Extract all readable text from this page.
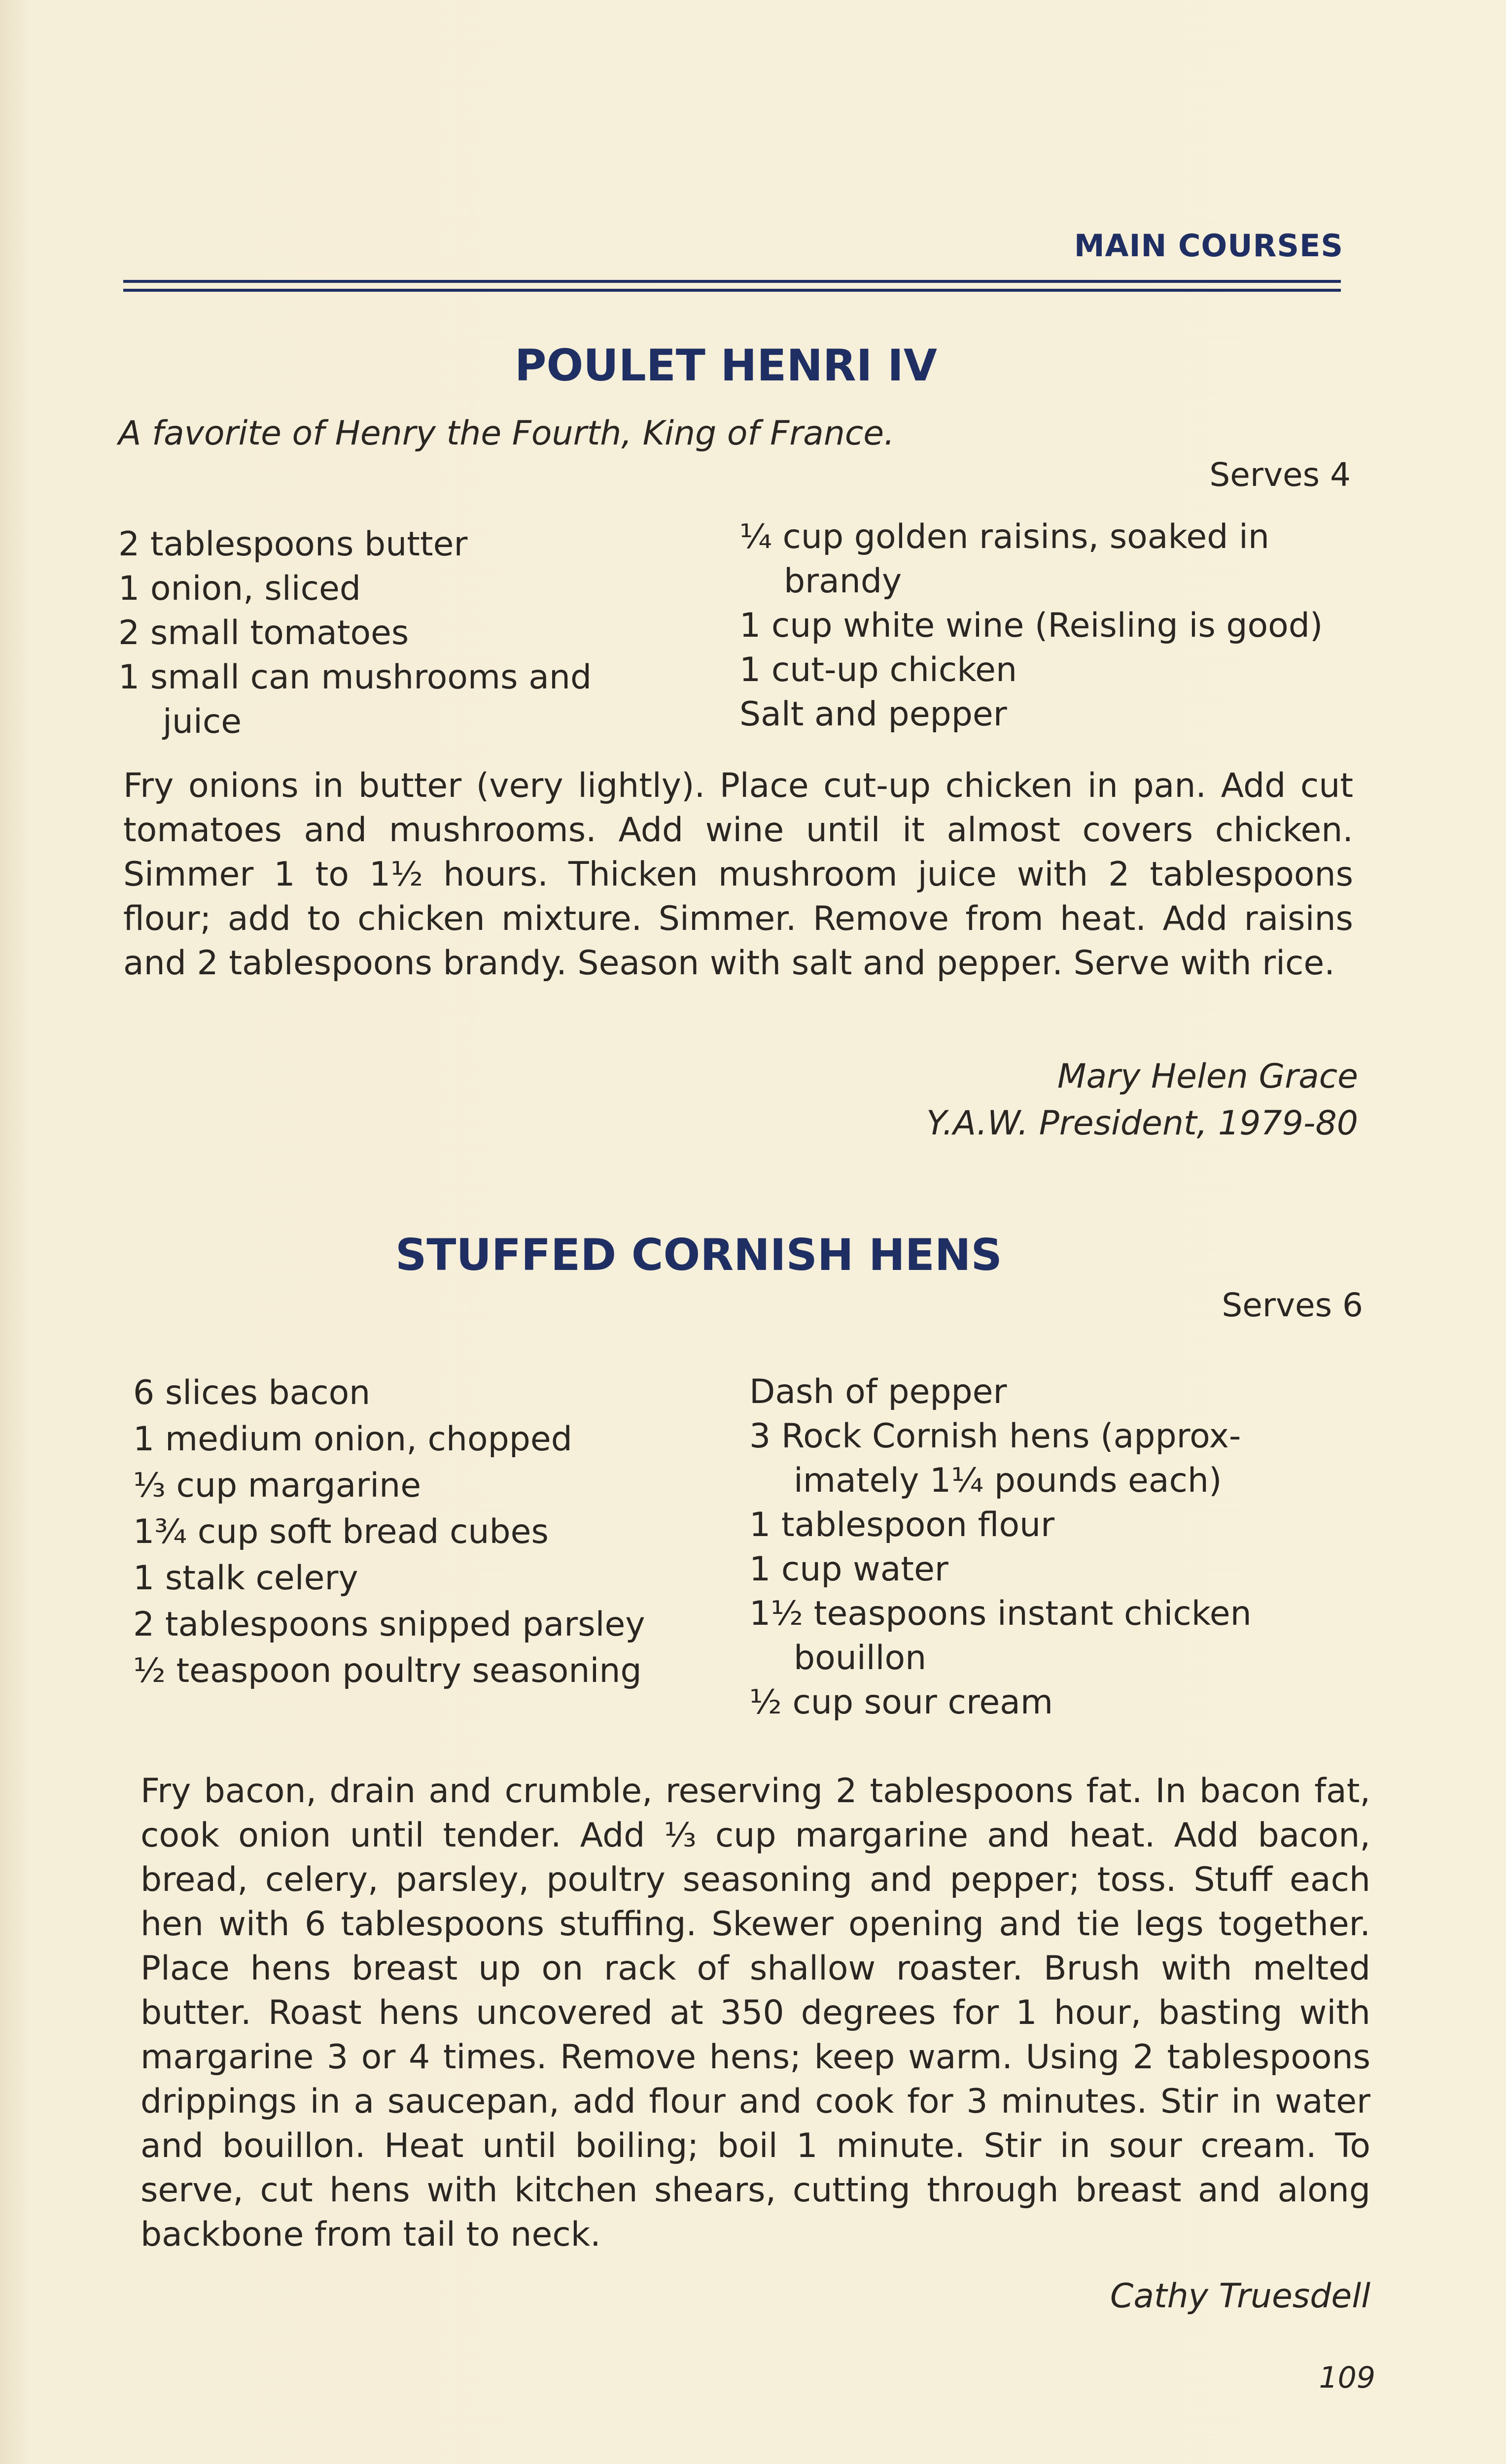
MAIN COURSES
POULET HENRI IV
A favorite of Henry the Fourth, King of France.
Serves 4
2 tablespoons butter
1 onion, sliced
2 small tomatoes
1 small can mushrooms and
juice
¼ cup golden raisins, soaked in
brandy
1 cup white wine (Reisling is good)
1 cut-up chicken
Salt and pepper
Fry onions in butter (very lightly). Place cut-up chicken in pan. Add cut tomatoes and mushrooms. Add wine until it almost covers chicken. Simmer 1 to 1½ hours. Thicken mushroom juice with 2 tablespoons flour; add to chicken mixture. Simmer. Remove from heat. Add raisins and 2 tablespoons brandy. Season with salt and pepper. Serve with rice.
Mary Helen Grace
Y.A.W. President, 1979-80
STUFFED CORNISH HENS
Serves 6
6 slices bacon
1 medium onion, chopped
⅓ cup margarine
1¾ cup soft bread cubes
1 stalk celery
2 tablespoons snipped parsley
½ teaspoon poultry seasoning
Dash of pepper
3 Rock Cornish hens (approx-
imately 1¼ pounds each)
1 tablespoon flour
1 cup water
1½ teaspoons instant chicken
bouillon
½ cup sour cream
Fry bacon, drain and crumble, reserving 2 tablespoons fat. In bacon fat, cook onion until tender. Add ⅓ cup margarine and heat. Add bacon, bread, celery, parsley, poultry seasoning and pepper; toss. Stuff each hen with 6 tablespoons stuffing. Skewer opening and tie legs together. Place hens breast up on rack of shallow roaster. Brush with melted butter. Roast hens uncovered at 350 degrees for 1 hour, basting with margarine 3 or 4 times. Remove hens; keep warm. Using 2 tablespoons drippings in a saucepan, add flour and cook for 3 minutes. Stir in water and bouillon. Heat until boiling; boil 1 minute. Stir in sour cream. To serve, cut hens with kitchen shears, cutting through breast and along backbone from tail to neck.
Cathy Truesdell
109
